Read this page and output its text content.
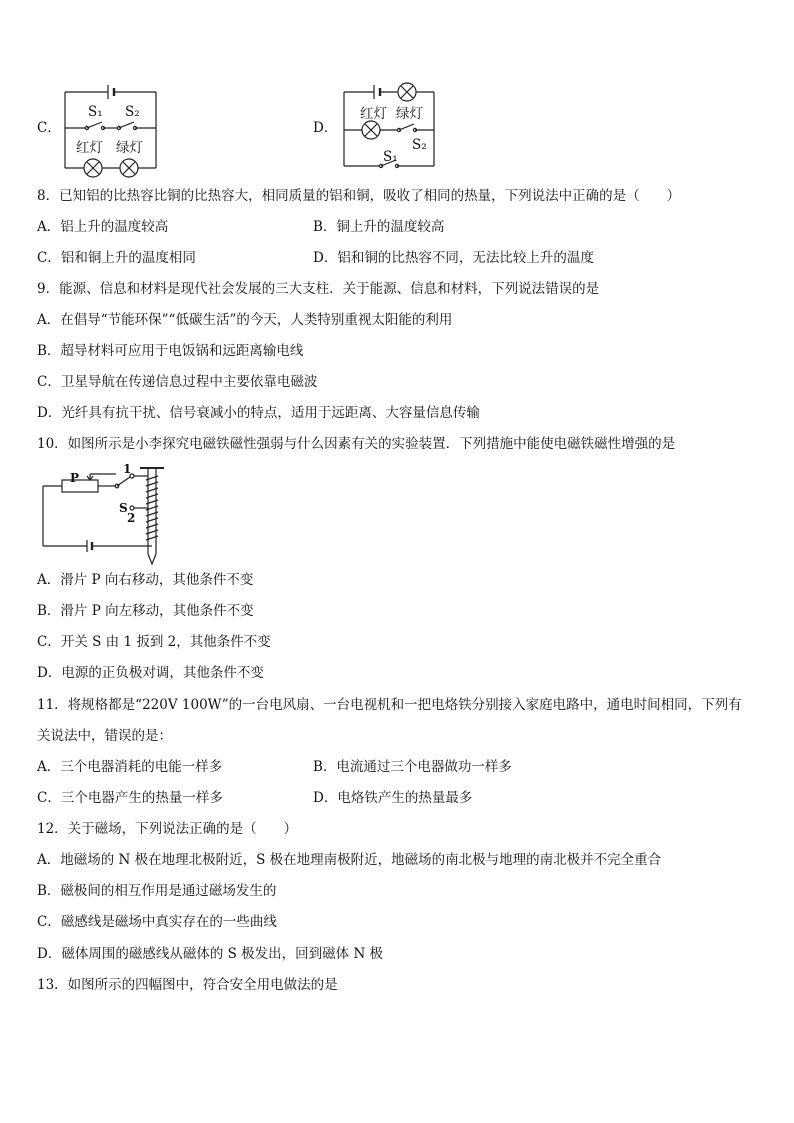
C．
S₁ S₂
红灯 绿灯
D．
红灯 绿灯
S₂
S₁
8．已知铝的比热容比铜的比热容大，相同质量的铝和铜，吸收了相同的热量，下列说法中正确的是（　　）
A．铝上升的温度较高	B．铜上升的温度较高
C．铝和铜上升的温度相同	D．铝和铜的比热容不同，无法比较上升的温度
9．能源、信息和材料是现代社会发展的三大支柱．关于能源、信息和材料，下列说法错误的是
A．在倡导“节能环保”“低碳生活”的今天，人类特别重视太阳能的利用
B．超导材料可应用于电饭锅和远距离输电线
C．卫星导航在传递信息过程中主要依靠电磁波
D．光纤具有抗干扰、信号衰减小的特点，适用于远距离、大容量信息传输
10．如图所示是小李探究电磁铁磁性强弱与什么因素有关的实验装置．下列措施中能使电磁铁磁性增强的是
P
1
S
2
A．滑片 P 向右移动，其他条件不变
B．滑片 P 向左移动，其他条件不变
C．开关 S 由 1 扳到 2，其他条件不变
D．电源的正负极对调，其他条件不变
11．将规格都是“220V 100W”的一台电风扇、一台电视机和一把电烙铁分别接入家庭电路中，通电时间相同，下列有
关说法中，错误的是：
A．三个电器消耗的电能一样多	B．电流通过三个电器做功一样多
C．三个电器产生的热量一样多	D．电烙铁产生的热量最多
12．关于磁场，下列说法正确的是（　　）
A．地磁场的 N 极在地理北极附近，S 极在地理南极附近，地磁场的南北极与地理的南北极并不完全重合
B．磁极间的相互作用是通过磁场发生的
C．磁感线是磁场中真实存在的一些曲线
D．磁体周围的磁感线从磁体的 S 极发出，回到磁体 N 极
13．如图所示的四幅图中，符合安全用电做法的是
